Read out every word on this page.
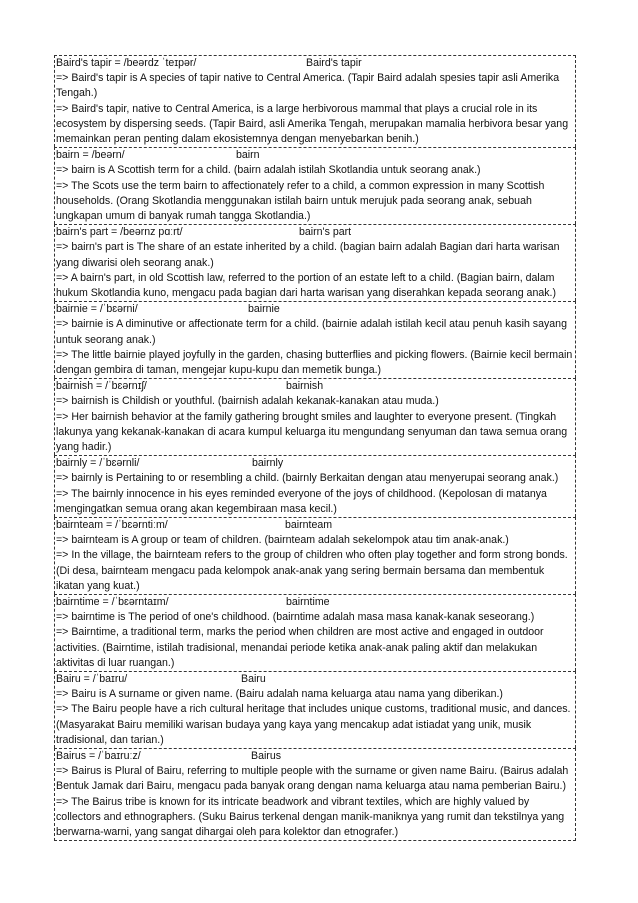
Baird's tapir = /beərdz ˈteɪpər/	Baird's tapir

=> Baird's tapir is A species of tapir native to Central America. (Tapir Baird adalah spesies tapir asli Amerika Tengah.)

=> Baird's tapir, native to Central America, is a large herbivorous mammal that plays a crucial role in its ecosystem by dispersing seeds. (Tapir Baird, asli Amerika Tengah, merupakan mamalia herbivora besar yang memainkan peran penting dalam ekosistemnya dengan menyebarkan benih.)

bairn = /beərn/	bairn

=> bairn is A Scottish term for a child. (bairn adalah istilah Skotlandia untuk seorang anak.)

=> The Scots use the term bairn to affectionately refer to a child, a common expression in many Scottish households. (Orang Skotlandia menggunakan istilah bairn untuk merujuk pada seorang anak, sebuah ungkapan umum di banyak rumah tangga Skotlandia.)

bairn's part = /beərnz pɑːrt/	bairn's part

=> bairn's part is The share of an estate inherited by a child. (bagian bairn adalah Bagian dari harta warisan yang diwarisi oleh seorang anak.)

=> A bairn's part, in old Scottish law, referred to the portion of an estate left to a child. (Bagian bairn, dalam hukum Skotlandia kuno, mengacu pada bagian dari harta warisan yang diserahkan kepada seorang anak.)

bairnie = /ˈbɛərni/	bairnie

=> bairnie is A diminutive or affectionate term for a child. (bairnie adalah istilah kecil atau penuh kasih sayang untuk seorang anak.)

=> The little bairnie played joyfully in the garden, chasing butterflies and picking flowers. (Bairnie kecil bermain dengan gembira di taman, mengejar kupu-kupu dan memetik bunga.)

bairnish = /ˈbɛərnɪʃ/	bairnish

=> bairnish is Childish or youthful. (bairnish adalah kekanak-kanakan atau muda.)

=> Her bairnish behavior at the family gathering brought smiles and laughter to everyone present. (Tingkah lakunya yang kekanak-kanakan di acara kumpul keluarga itu mengundang senyuman dan tawa semua orang yang hadir.)

bairnly = /ˈbɛərnli/	bairnly

=> bairnly is Pertaining to or resembling a child. (bairnly Berkaitan dengan atau menyerupai seorang anak.)

=> The bairnly innocence in his eyes reminded everyone of the joys of childhood. (Kepolosan di matanya mengingatkan semua orang akan kegembiraan masa kecil.)

bairnteam = /ˈbɛərntiːm/	bairnteam

=> bairnteam is A group or team of children. (bairnteam adalah sekelompok atau tim anak-anak.)

=> In the village, the bairnteam refers to the group of children who often play together and form strong bonds. (Di desa, bairnteam mengacu pada kelompok anak-anak yang sering bermain bersama dan membentuk ikatan yang kuat.)

bairntime = /ˈbɛərntaɪm/	bairntime

=> bairntime is The period of one's childhood. (bairntime adalah masa masa kanak-kanak seseorang.)

=> Bairntime, a traditional term, marks the period when children are most active and engaged in outdoor activities. (Bairntime, istilah tradisional, menandai periode ketika anak-anak paling aktif dan melakukan aktivitas di luar ruangan.)

Bairu = /ˈbaɪru/	Bairu

=> Bairu is A surname or given name. (Bairu adalah nama keluarga atau nama yang diberikan.)

=> The Bairu people have a rich cultural heritage that includes unique customs, traditional music, and dances. (Masyarakat Bairu memiliki warisan budaya yang kaya yang mencakup adat istiadat yang unik, musik tradisional, dan tarian.)

Bairus = /ˈbaɪruːz/	Bairus

=> Bairus is Plural of Bairu, referring to multiple people with the surname or given name Bairu. (Bairus adalah Bentuk Jamak dari Bairu, mengacu pada banyak orang dengan nama keluarga atau nama pemberian Bairu.)

=> The Bairus tribe is known for its intricate beadwork and vibrant textiles, which are highly valued by collectors and ethnographers. (Suku Bairus terkenal dengan manik-maniknya yang rumit dan tekstilnya yang berwarna-warni, yang sangat dihargai oleh para kolektor dan etnografer.)
